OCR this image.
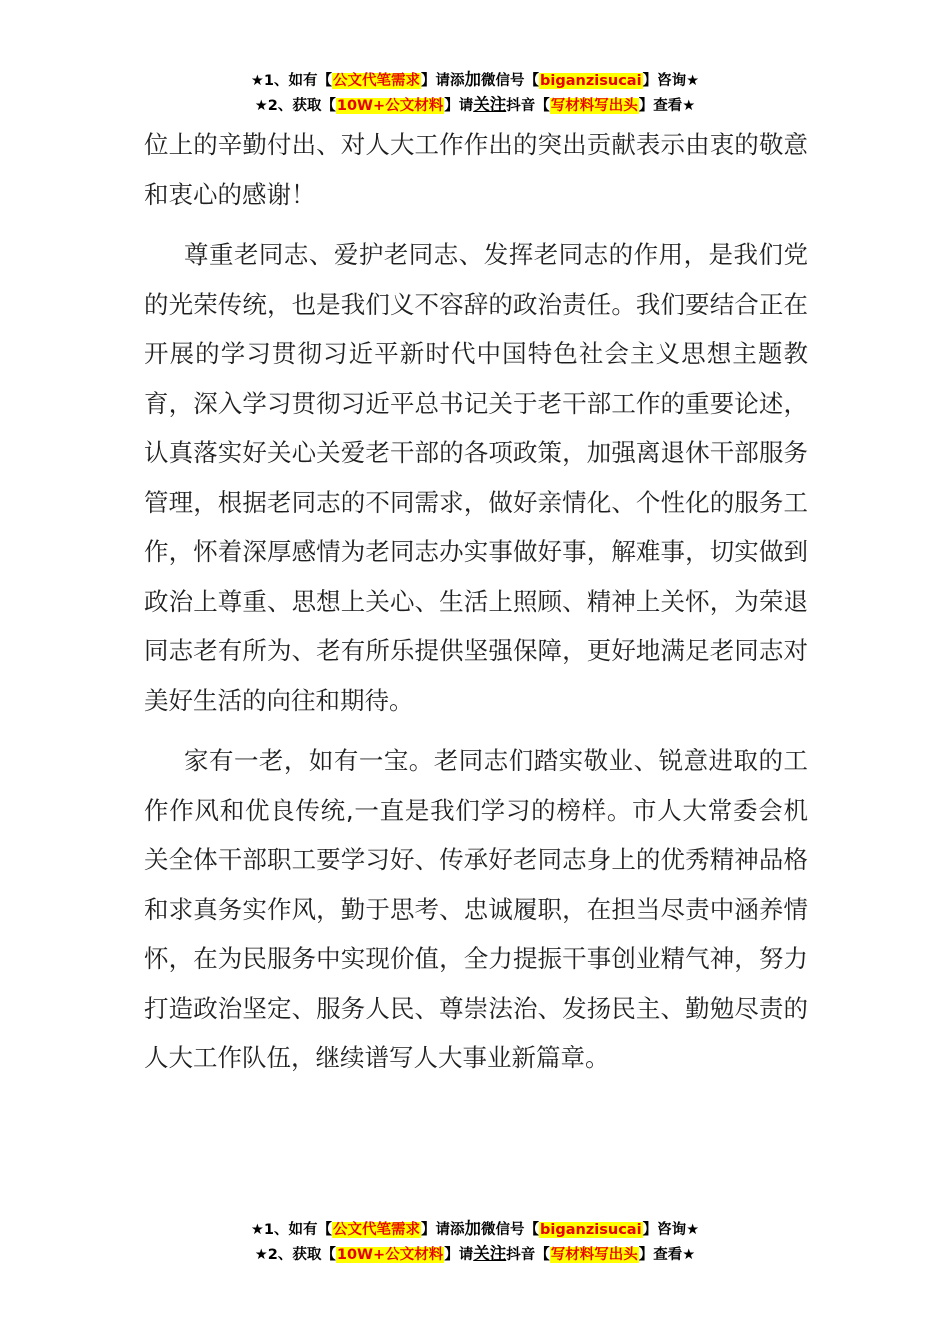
★1、如有【公文代笔需求】请添加微信号【biganzisucai】咨询★
★2、获取【10W+公文材料】请关注抖音【写材料写出头】查看★

位上的辛勤付出、对人大工作作出的突出贡献表示由衷的敬意和衷心的感谢！

尊重老同志、爱护老同志、发挥老同志的作用，是我们党的光荣传统，也是我们义不容辞的政治责任。我们要结合正在开展的学习贯彻习近平新时代中国特色社会主义思想主题教育，深入学习贯彻习近平总书记关于老干部工作的重要论述，认真落实好关心关爱老干部的各项政策，加强离退休干部服务管理，根据老同志的不同需求，做好亲情化、个性化的服务工作，怀着深厚感情为老同志办实事做好事，解难事，切实做到政治上尊重、思想上关心、生活上照顾、精神上关怀，为荣退同志老有所为、老有所乐提供坚强保障，更好地满足老同志对美好生活的向往和期待。

家有一老，如有一宝。老同志们踏实敬业、锐意进取的工作作风和优良传统,一直是我们学习的榜样。市人大常委会机关全体干部职工要学习好、传承好老同志身上的优秀精神品格和求真务实作风，勤于思考、忠诚履职，在担当尽责中涵养情怀，在为民服务中实现价值，全力提振干事创业精气神，努力打造政治坚定、服务人民、尊崇法治、发扬民主、勤勉尽责的人大工作队伍，继续谱写人大事业新篇章。

★1、如有【公文代笔需求】请添加微信号【biganzisucai】咨询★
★2、获取【10W+公文材料】请关注抖音【写材料写出头】查看★
